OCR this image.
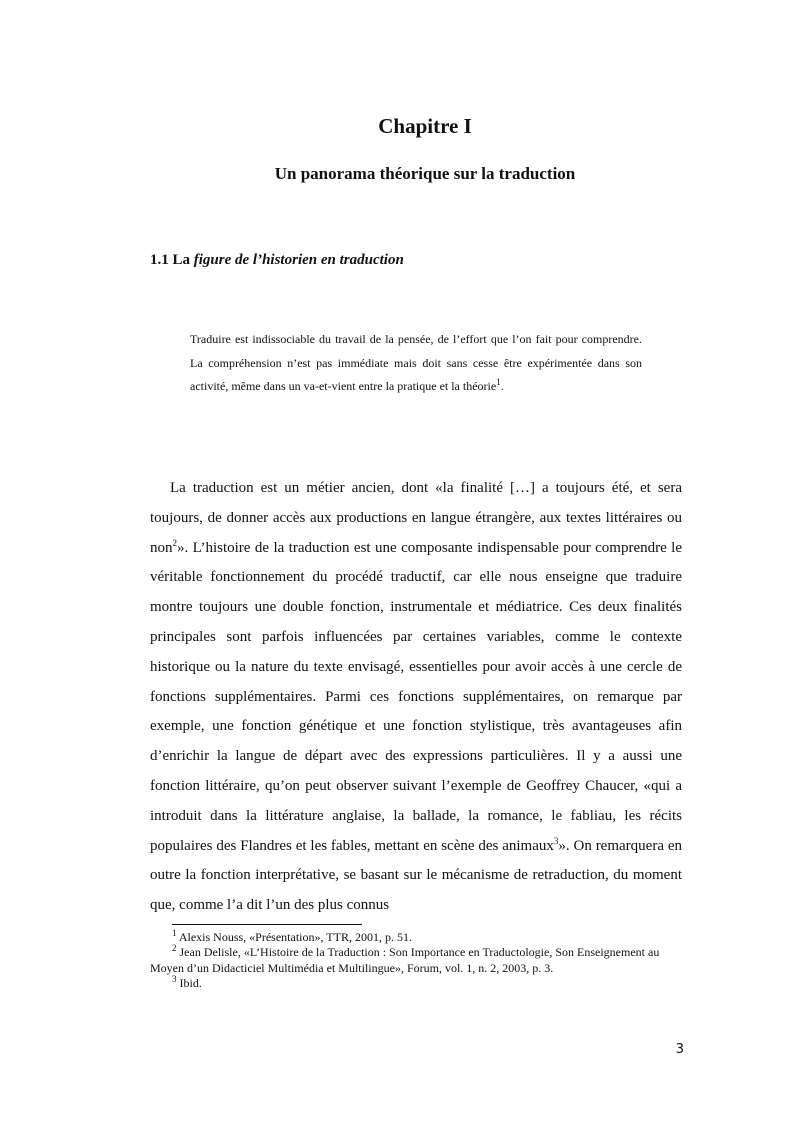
Chapitre I
Un panorama théorique sur la traduction
1.1 La figure de l’historien en traduction
Traduire est indissociable du travail de la pensée, de l’effort que l’on fait pour comprendre. La compréhension n’est pas immédiate mais doit sans cesse être expérimentée dans son activité, même dans un va-et-vient entre la pratique et la théorie$^1$.
La traduction est un métier ancien, dont «la finalité […] a toujours été, et sera toujours, de donner accès aux productions en langue étrangère, aux textes littéraires ou non$^2$». L’histoire de la traduction est une composante indispensable pour comprendre le véritable fonctionnement du procédé traductif, car elle nous enseigne que traduire montre toujours une double fonction, instrumentale et médiatrice. Ces deux finalités principales sont parfois influencées par certaines variables, comme le contexte historique ou la nature du texte envisagé, essentielles pour avoir accès à une cercle de fonctions supplémentaires. Parmi ces fonctions supplémentaires, on remarque par exemple, une fonction génétique et une fonction stylistique, très avantageuses afin d’enrichir la langue de départ avec des expressions particulières. Il y a aussi une fonction littéraire, qu’on peut observer suivant l’exemple de Geoffrey Chaucer, «qui a introduit dans la littérature anglaise, la ballade, la romance, le fabliau, les récits populaires des Flandres et les fables, mettant en scène des animaux$^3$». On remarquera en outre la fonction interprétative, se basant sur le mécanisme de retraduction, du moment que, comme l’a dit l’un des plus connus

$^1$ Alexis Nouss, «Présentation», TTR, 2001, p. 51.

$^2$ Jean Delisle, «L’Histoire de la Traduction : Son Importance en Traductologie, Son Enseignement au Moyen d’un Didacticiel Multimédia et Multilingue», Forum, vol. 1, n. 2, 2003, p. 3.

$^3$ Ibid.

3
